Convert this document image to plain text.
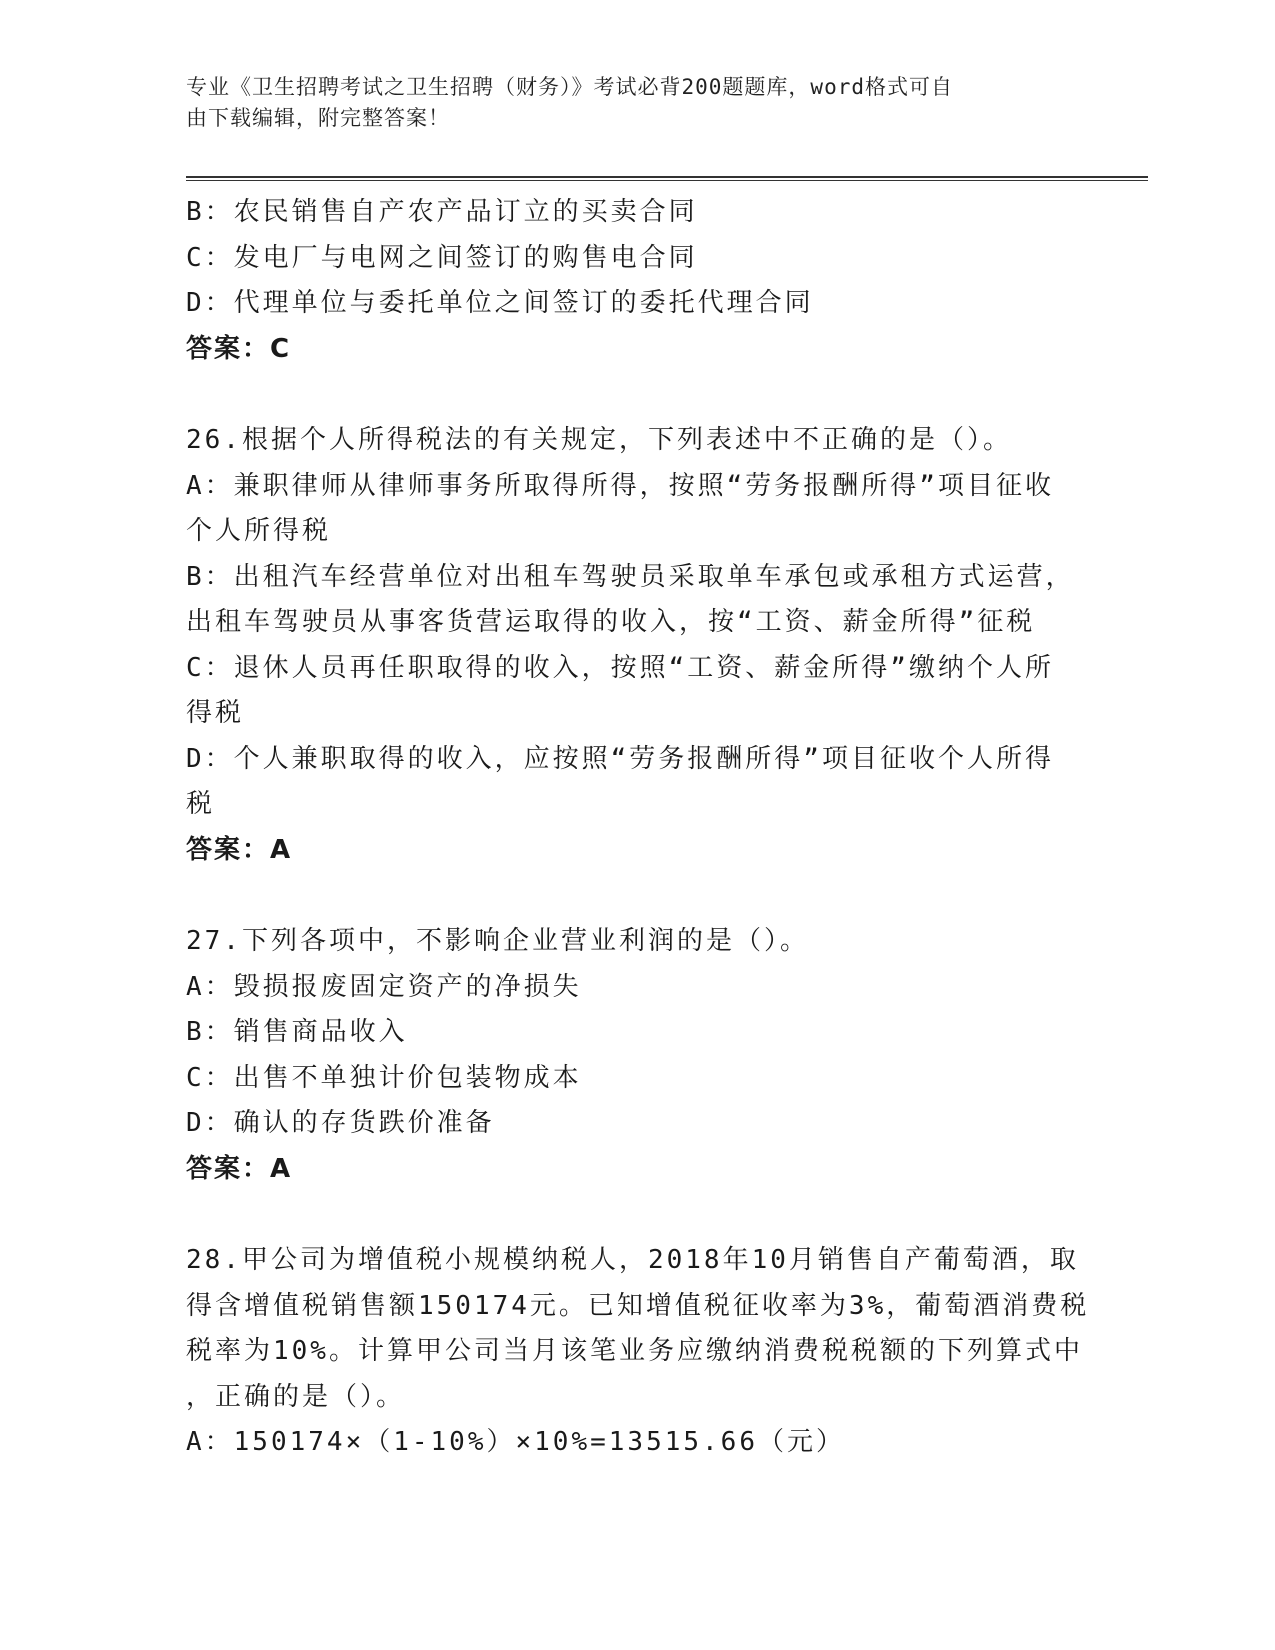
专业《卫生招聘考试之卫生招聘（财务）》考试必背200题题库，word格式可自
由下载编辑，附完整答案！
B：农民销售自产农产品订立的买卖合同
C：发电厂与电网之间签订的购售电合同
D：代理单位与委托单位之间签订的委托代理合同
答案：C
26.根据个人所得税法的有关规定，下列表述中不正确的是（）。
A：兼职律师从律师事务所取得所得，按照“劳务报酬所得”项目征收
个人所得税
B：出租汽车经营单位对出租车驾驶员采取单车承包或承租方式运营，
出租车驾驶员从事客货营运取得的收入，按“工资、薪金所得”征税
C：退休人员再任职取得的收入，按照“工资、薪金所得”缴纳个人所
得税
D：个人兼职取得的收入，应按照“劳务报酬所得”项目征收个人所得
税
答案：A
27.下列各项中，不影响企业营业利润的是（）。
A：毁损报废固定资产的净损失
B：销售商品收入
C：出售不单独计价包装物成本
D：确认的存货跌价准备
答案：A
28.甲公司为增值税小规模纳税人，2018年10月销售自产葡萄酒，取
得含增值税销售额150174元。已知增值税征收率为3%，葡萄酒消费税
税率为10%。计算甲公司当月该笔业务应缴纳消费税税额的下列算式中
，正确的是（）。
A：150174×（1-10%）×10%=13515.66（元）
